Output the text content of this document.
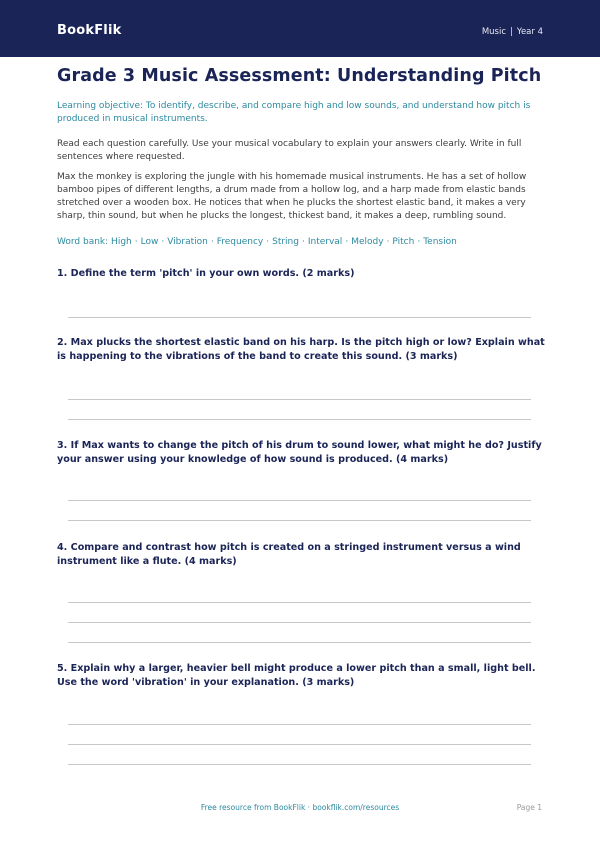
BookFlik	Music | Year 4
Grade 3 Music Assessment: Understanding Pitch
Learning objective: To identify, describe, and compare high and low sounds, and understand how pitch is produced in musical instruments.
Read each question carefully. Use your musical vocabulary to explain your answers clearly. Write in full sentences where requested.
Max the monkey is exploring the jungle with his homemade musical instruments. He has a set of hollow bamboo pipes of different lengths, a drum made from a hollow log, and a harp made from elastic bands stretched over a wooden box. He notices that when he plucks the shortest elastic band, it makes a very sharp, thin sound, but when he plucks the longest, thickest band, it makes a deep, rumbling sound.
Word bank: High · Low · Vibration · Frequency · String · Interval · Melody · Pitch · Tension
1. Define the term 'pitch' in your own words. (2 marks)
2. Max plucks the shortest elastic band on his harp. Is the pitch high or low? Explain what is happening to the vibrations of the band to create this sound. (3 marks)
3. If Max wants to change the pitch of his drum to sound lower, what might he do? Justify your answer using your knowledge of how sound is produced. (4 marks)
4. Compare and contrast how pitch is created on a stringed instrument versus a wind instrument like a flute. (4 marks)
5. Explain why a larger, heavier bell might produce a lower pitch than a small, light bell. Use the word 'vibration' in your explanation. (3 marks)
Free resource from BookFlik · bookflik.com/resources	Page 1
